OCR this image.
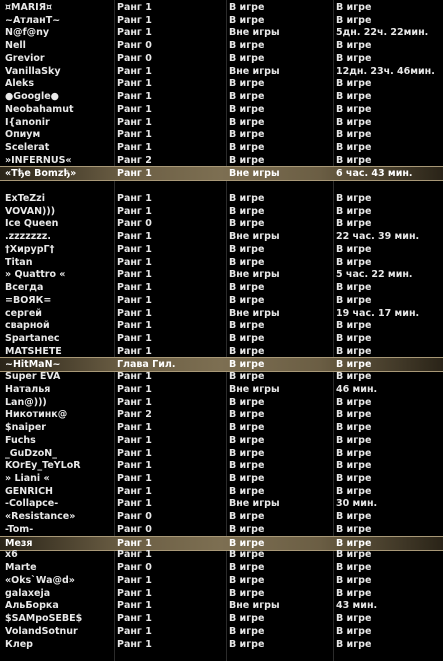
¤MARIЯ¤	Ранг 1	В игре	В игре
~АтланТ~	Ранг 1	В игре	В игре
N@f@ny	Ранг 1	Вне игры	5дн. 22ч. 22мин.
Nell	Ранг 0	В игре	В игре
Grevior	Ранг 0	В игре	В игре
VanillaSky	Ранг 1	Вне игры	12дн. 23ч. 46мин.
Aleks	Ранг 1	В игре	В игре
●Google●	Ранг 1	В игре	В игре
Neobahamut	Ранг 1	В игре	В игре
I{anonir	Ранг 1	В игре	В игре
Опиум	Ранг 1	В игре	В игре
Scelerat	Ранг 1	В игре	В игре
»INFERNUS«	Ранг 2	В игре	В игре
«Tђe Bomzђ»	Ранг 1	Вне игры	6 час. 43 мин.
ExTeZzi	Ранг 1	В игре	В игре
VOVAN)))	Ранг 1	В игре	В игре
Ice Queen	Ранг 0	В игре	В игре
.zzzzzzz.	Ранг 1	Вне игры	22 час. 39 мин.
†ХирурГ†	Ранг 1	В игре	В игре
Titan	Ранг 1	В игре	В игре
» Quattro «	Ранг 1	Вне игры	5 час. 22 мин.
Всегда	Ранг 1	В игре	В игре
=BОЯК=	Ранг 1	В игре	В игре
сергей	Ранг 1	Вне игры	19 час. 17 мин.
сварной	Ранг 1	В игре	В игре
Spartanec	Ранг 1	В игре	В игре
MATSHETE	Ранг 1	В игре	В игре
~HitMaN~	Глава Гил.	В игре	В игре
Super EVA	Ранг 1	В игре	В игре
Наталья	Ранг 1	Вне игры	46 мин.
Lan@)))	Ранг 1	В игре	В игре
Никотинк@	Ранг 2	В игре	В игре
$naiper	Ранг 1	В игре	В игре
Fuchs	Ранг 1	В игре	В игре
_GuDzoN_	Ранг 1	В игре	В игре
KOrEy_TeYLoR	Ранг 1	В игре	В игре
» Liani «	Ранг 1	В игре	В игре
GENRICH	Ранг 1	В игре	В игре
-Collapce-	Ранг 1	Вне игры	30 мин.
«Resistance»	Ранг 0	В игре	В игре
-Tom-	Ранг 0	В игре	В игре
Мезя	Ранг 1	В игре	В игре
x6	Ранг 1	В игре	В игре
Marte	Ранг 0	В игре	В игре
«Oks`Wa@d»	Ранг 1	В игре	В игре
galaxeja	Ранг 1	В игре	В игре
АльБорка	Ранг 1	Вне игры	43 мин.
$SAMpoSEBE$	Ранг 1	В игре	В игре
VolandSotnur	Ранг 1	В игре	В игре
Клер	Ранг 1	В игре	В игре
